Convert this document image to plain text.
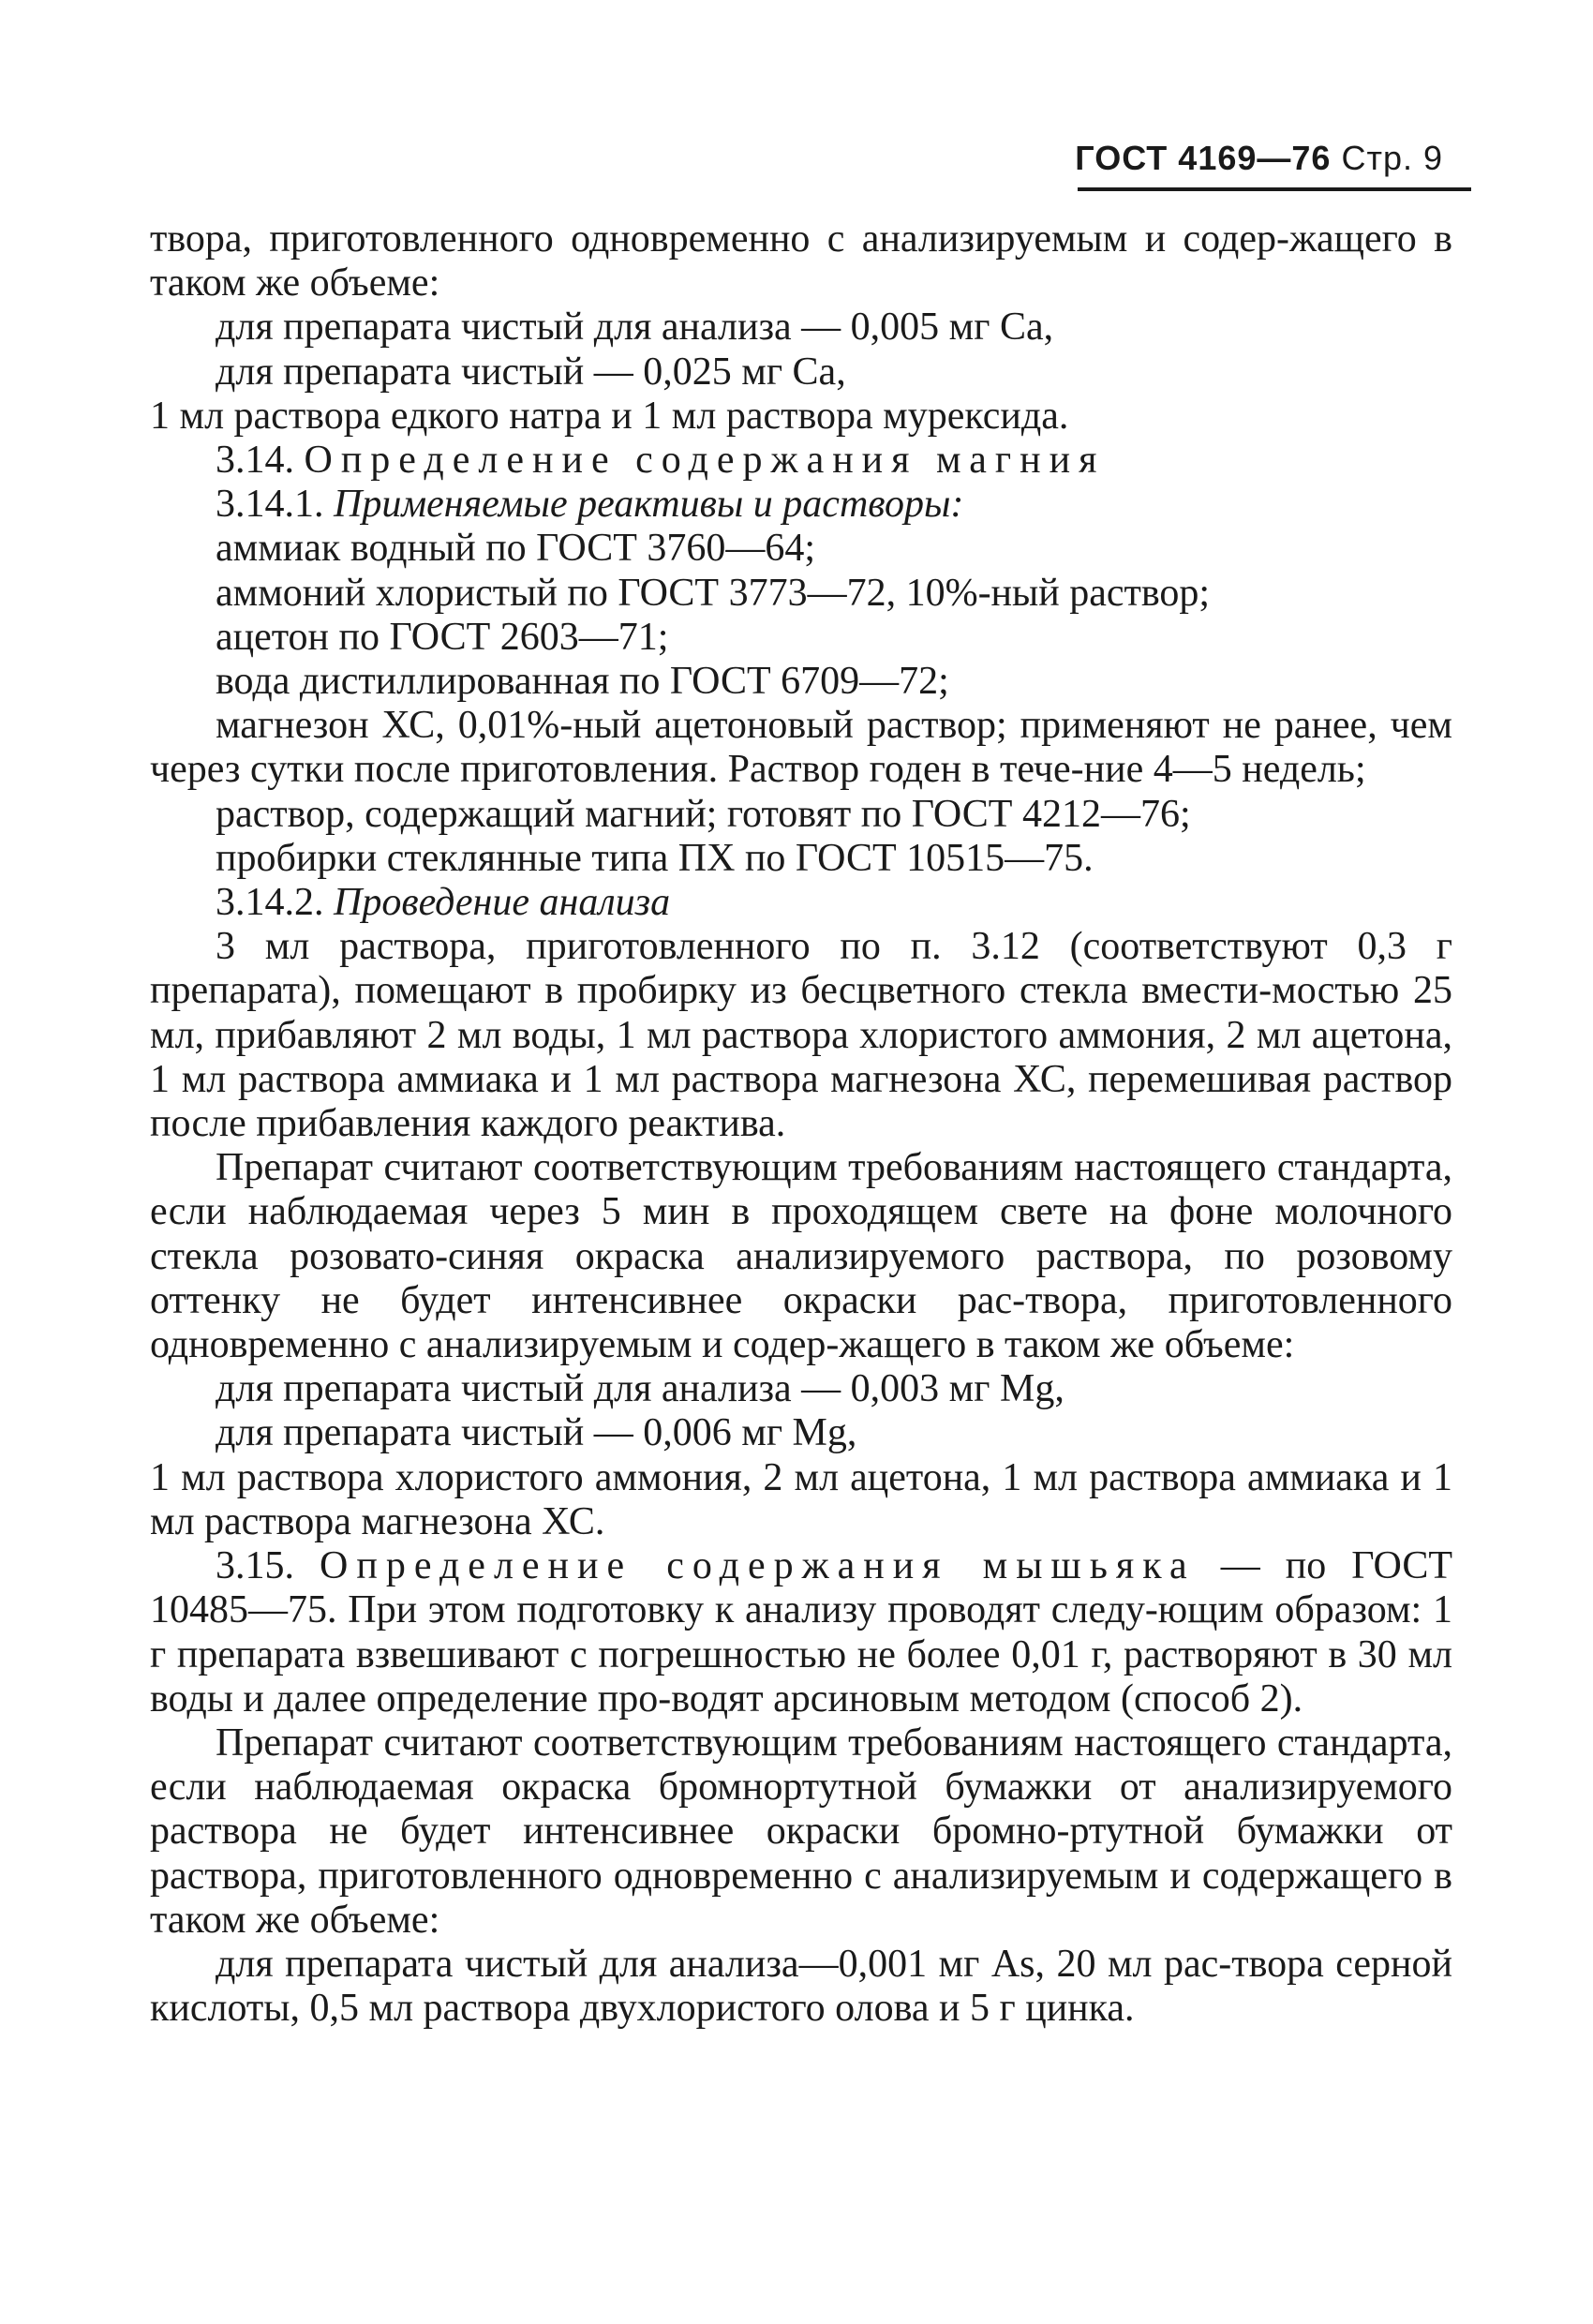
ГОСТ 4169—76 Стр. 9

твора, приготовленного одновременно с анализируемым и содер-жащего в таком же объеме:

для препарата чистый для анализа — 0,005 мг Са,

для препарата чистый — 0,025 мг Са,

1 мл раствора едкого натра и 1 мл раствора мурексида.

3.14. Определение содержания магния

3.14.1. Применяемые реактивы и растворы:

аммиак водный по ГОСТ 3760—64;

аммоний хлористый по ГОСТ 3773—72, 10%-ный раствор;

ацетон по ГОСТ 2603—71;

вода дистиллированная по ГОСТ 6709—72;

магнезон ХС, 0,01%-ный ацетоновый раствор; применяют не ранее, чем через сутки после приготовления. Раствор годен в тече-ние 4—5 недель;

раствор, содержащий магний; готовят по ГОСТ 4212—76;

пробирки стеклянные типа ПХ по ГОСТ 10515—75.

3.14.2. Проведение анализа

3 мл раствора, приготовленного по п. 3.12 (соответствуют 0,3 г препарата), помещают в пробирку из бесцветного стекла вмести-мостью 25 мл, прибавляют 2 мл воды, 1 мл раствора хлористого аммония, 2 мл ацетона, 1 мл раствора аммиака и 1 мл раствора магнезона ХС, перемешивая раствор после прибавления каждого реактива.

Препарат считают соответствующим требованиям настоящего стандарта, если наблюдаемая через 5 мин в проходящем свете на фоне молочного стекла розовато-синяя окраска анализируемого раствора, по розовому оттенку не будет интенсивнее окраски рас-твора, приготовленного одновременно с анализируемым и содер-жащего в таком же объеме:

для препарата чистый для анализа — 0,003 мг Mg,

для препарата чистый — 0,006 мг Mg,

1 мл раствора хлористого аммония, 2 мл ацетона, 1 мл раствора аммиака и 1 мл раствора магнезона ХС.

3.15. Определение содержания мышьяка — по ГОСТ 10485—75. При этом подготовку к анализу проводят следу-ющим образом: 1 г препарата взвешивают с погрешностью не более 0,01 г, растворяют в 30 мл воды и далее определение про-водят арсиновым методом (способ 2).

Препарат считают соответствующим требованиям настоящего стандарта, если наблюдаемая окраска бромнортутной бумажки от анализируемого раствора не будет интенсивнее окраски бромно-ртутной бумажки от раствора, приготовленного одновременно с анализируемым и содержащего в таком же объеме:

для препарата чистый для анализа—0,001 мг As, 20 мл рас-твора серной кислоты, 0,5 мл раствора двухлористого олова и 5 г цинка.
